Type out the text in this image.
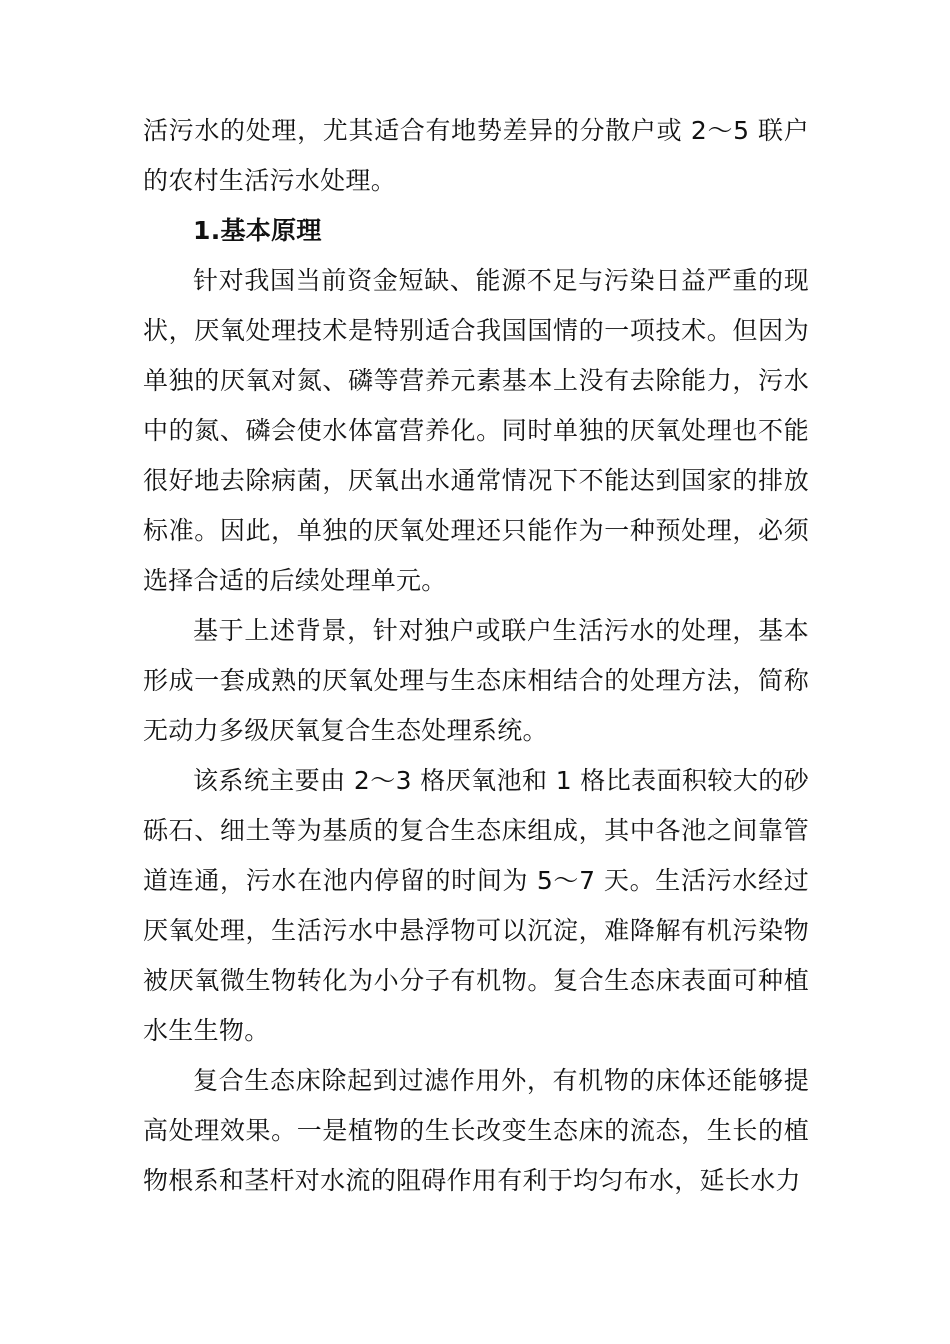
活污水的处理，尤其适合有地势差异的分散户或 2～5 联户的农村生活污水处理。

1.基本原理

针对我国当前资金短缺、能源不足与污染日益严重的现状，厌氧处理技术是特别适合我国国情的一项技术。但因为单独的厌氧对氮、磷等营养元素基本上没有去除能力，污水中的氮、磷会使水体富营养化。同时单独的厌氧处理也不能很好地去除病菌，厌氧出水通常情况下不能达到国家的排放标准。因此，单独的厌氧处理还只能作为一种预处理，必须选择合适的后续处理单元。

基于上述背景，针对独户或联户生活污水的处理，基本形成一套成熟的厌氧处理与生态床相结合的处理方法，简称无动力多级厌氧复合生态处理系统。

该系统主要由 2～3 格厌氧池和 1 格比表面积较大的砂砾石、细土等为基质的复合生态床组成，其中各池之间靠管道连通，污水在池内停留的时间为 5～7 天。生活污水经过厌氧处理，生活污水中悬浮物可以沉淀，难降解有机污染物被厌氧微生物转化为小分子有机物。复合生态床表面可种植水生生物。

复合生态床除起到过滤作用外，有机物的床体还能够提高处理效果。一是植物的生长改变生态床的流态，生长的植物根系和茎杆对水流的阻碍作用有利于均匀布水，延长水力
